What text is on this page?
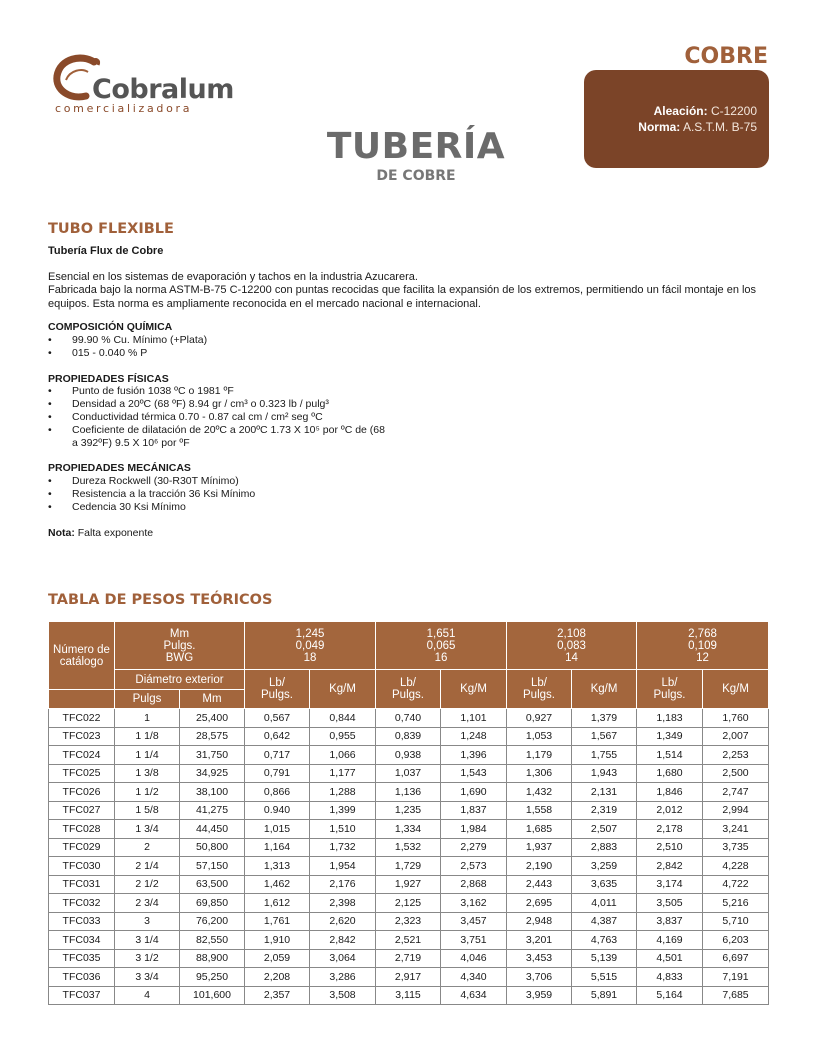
Cobralum
comercializadora
COBRE
Aleación: C-12200
Norma: A.S.T.M. B-75
TUBERÍA
DE COBRE
TUBO FLEXIBLE
Tubería Flux de Cobre
Esencial en los sistemas de evaporación y tachos en la industria Azucarera.
Fabricada bajo la norma ASTM-B-75 C-12200 con puntas recocidas que facilita la expansión de los extremos, permitiendo un fácil montaje en los equipos. Esta norma es ampliamente reconocida en el mercado nacional e internacional.
COMPOSICIÓN QUÍMICA
• 99.90 % Cu. Mínimo (+Plata)
• 015 - 0.040 % P
PROPIEDADES FÍSICAS
• Punto de fusión 1038 ºC o 1981 ºF
• Densidad a 20ºC (68 ºF) 8.94 gr / cm³ o 0.323 lb / pulg³
• Conductividad térmica 0.70 - 0.87 cal cm / cm² seg ºC
• Coeficiente de dilatación de 20ºC a 200ºC 1.73 X 10⁵ por ºC de (68 a 392ºF) 9.5 X 10⁶ por ºF
PROPIEDADES MECÁNICAS
• Dureza Rockwell (30-R30T Mínimo)
• Resistencia a la tracción 36 Ksi Mínimo
• Cedencia 30 Ksi Mínimo
Nota: Falta exponente
TABLA DE PESOS TEÓRICOS
Número de catálogo	Mm
Pulgs.
BWG		1,245
0,049
18		1,651
0,065
16		2,108
0,083
14		2,768
0,109
12	
	Diámetro exterior		Lb/
Pulgs.	Kg/M	Lb/
Pulgs.	Kg/M	Lb/
Pulgs.	Kg/M	Lb/
Pulgs.	Kg/M
	Pulgs	Mm								
TFC022	1	25,400	0,567	0,844	0,740	1,101	0,927	1,379	1,183	1,760
TFC023	1 1/8	28,575	0,642	0,955	0,839	1,248	1,053	1,567	1,349	2,007
TFC024	1 1/4	31,750	0,717	1,066	0,938	1,396	1,179	1,755	1,514	2,253
TFC025	1 3/8	34,925	0,791	1,177	1,037	1,543	1,306	1,943	1,680	2,500
TFC026	1 1/2	38,100	0,866	1,288	1,136	1,690	1,432	2,131	1,846	2,747
TFC027	1 5/8	41,275	0.940	1,399	1,235	1,837	1,558	2,319	2,012	2,994
TFC028	1 3/4	44,450	1,015	1,510	1,334	1,984	1,685	2,507	2,178	3,241
TFC029	2	50,800	1,164	1,732	1,532	2,279	1,937	2,883	2,510	3,735
TFC030	2 1/4	57,150	1,313	1,954	1,729	2,573	2,190	3,259	2,842	4,228
TFC031	2 1/2	63,500	1,462	2,176	1,927	2,868	2,443	3,635	3,174	4,722
TFC032	2 3/4	69,850	1,612	2,398	2,125	3,162	2,695	4,011	3,505	5,216
TFC033	3	76,200	1,761	2,620	2,323	3,457	2,948	4,387	3,837	5,710
TFC034	3 1/4	82,550	1,910	2,842	2,521	3,751	3,201	4,763	4,169	6,203
TFC035	3 1/2	88,900	2,059	3,064	2,719	4,046	3,453	5,139	4,501	6,697
TFC036	3 3/4	95,250	2,208	3,286	2,917	4,340	3,706	5,515	4,833	7,191
TFC037	4	101,600	2,357	3,508	3,115	4,634	3,959	5,891	5,164	7,685
